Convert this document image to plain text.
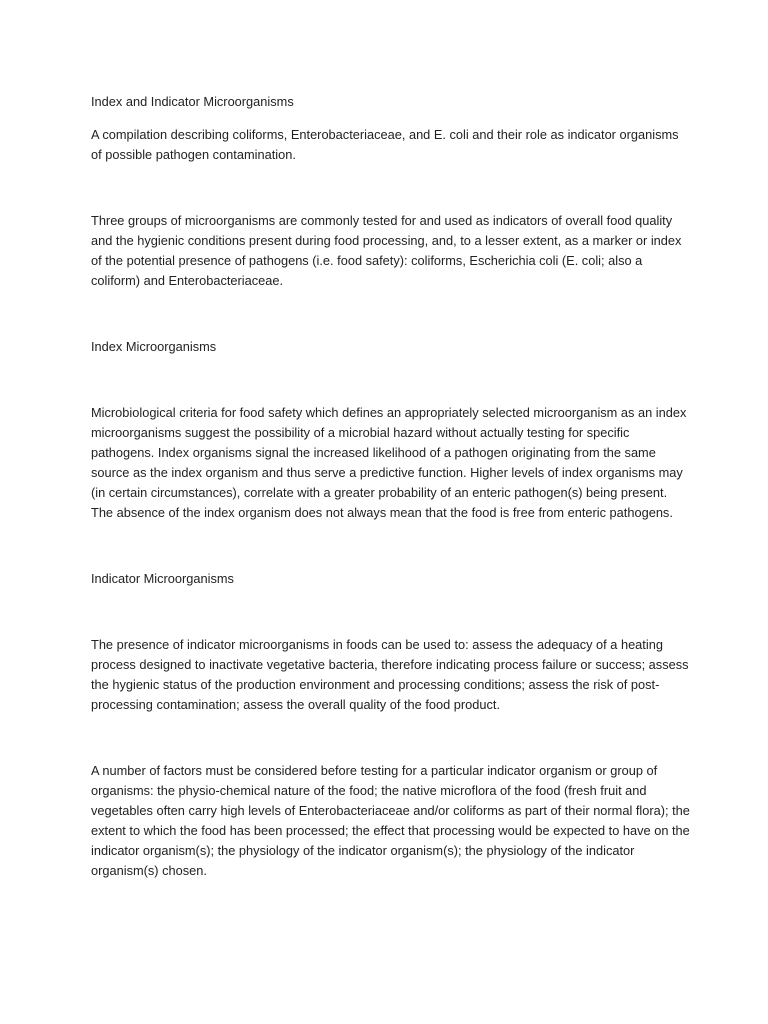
Index and Indicator Microorganisms

A compilation describing coliforms, Enterobacteriaceae, and E. coli and their role as indicator organisms of possible pathogen contamination.

Three groups of microorganisms are commonly tested for and used as indicators of overall food quality and the hygienic conditions present during food processing, and, to a lesser extent, as a marker or index of the potential presence of pathogens (i.e. food safety): coliforms, Escherichia coli (E. coli; also a coliform) and Enterobacteriaceae.

Index Microorganisms

Microbiological criteria for food safety which defines an appropriately selected microorganism as an index microorganisms suggest the possibility of a microbial hazard without actually testing for specific pathogens. Index organisms signal the increased likelihood of a pathogen originating from the same source as the index organism and thus serve a predictive function. Higher levels of index organisms may (in certain circumstances), correlate with a greater probability of an enteric pathogen(s) being present. The absence of the index organism does not always mean that the food is free from enteric pathogens.

Indicator Microorganisms

The presence of indicator microorganisms in foods can be used to: assess the adequacy of a heating process designed to inactivate vegetative bacteria, therefore indicating process failure or success; assess the hygienic status of the production environment and processing conditions; assess the risk of post-processing contamination; assess the overall quality of the food product.

A number of factors must be considered before testing for a particular indicator organism or group of organisms: the physio-chemical nature of the food; the native microflora of the food (fresh fruit and vegetables often carry high levels of Enterobacteriaceae and/or coliforms as part of their normal flora); the extent to which the food has been processed; the effect that processing would be expected to have on the indicator organism(s); the physiology of the indicator organism(s); the physiology of the indicator organism(s) chosen.
